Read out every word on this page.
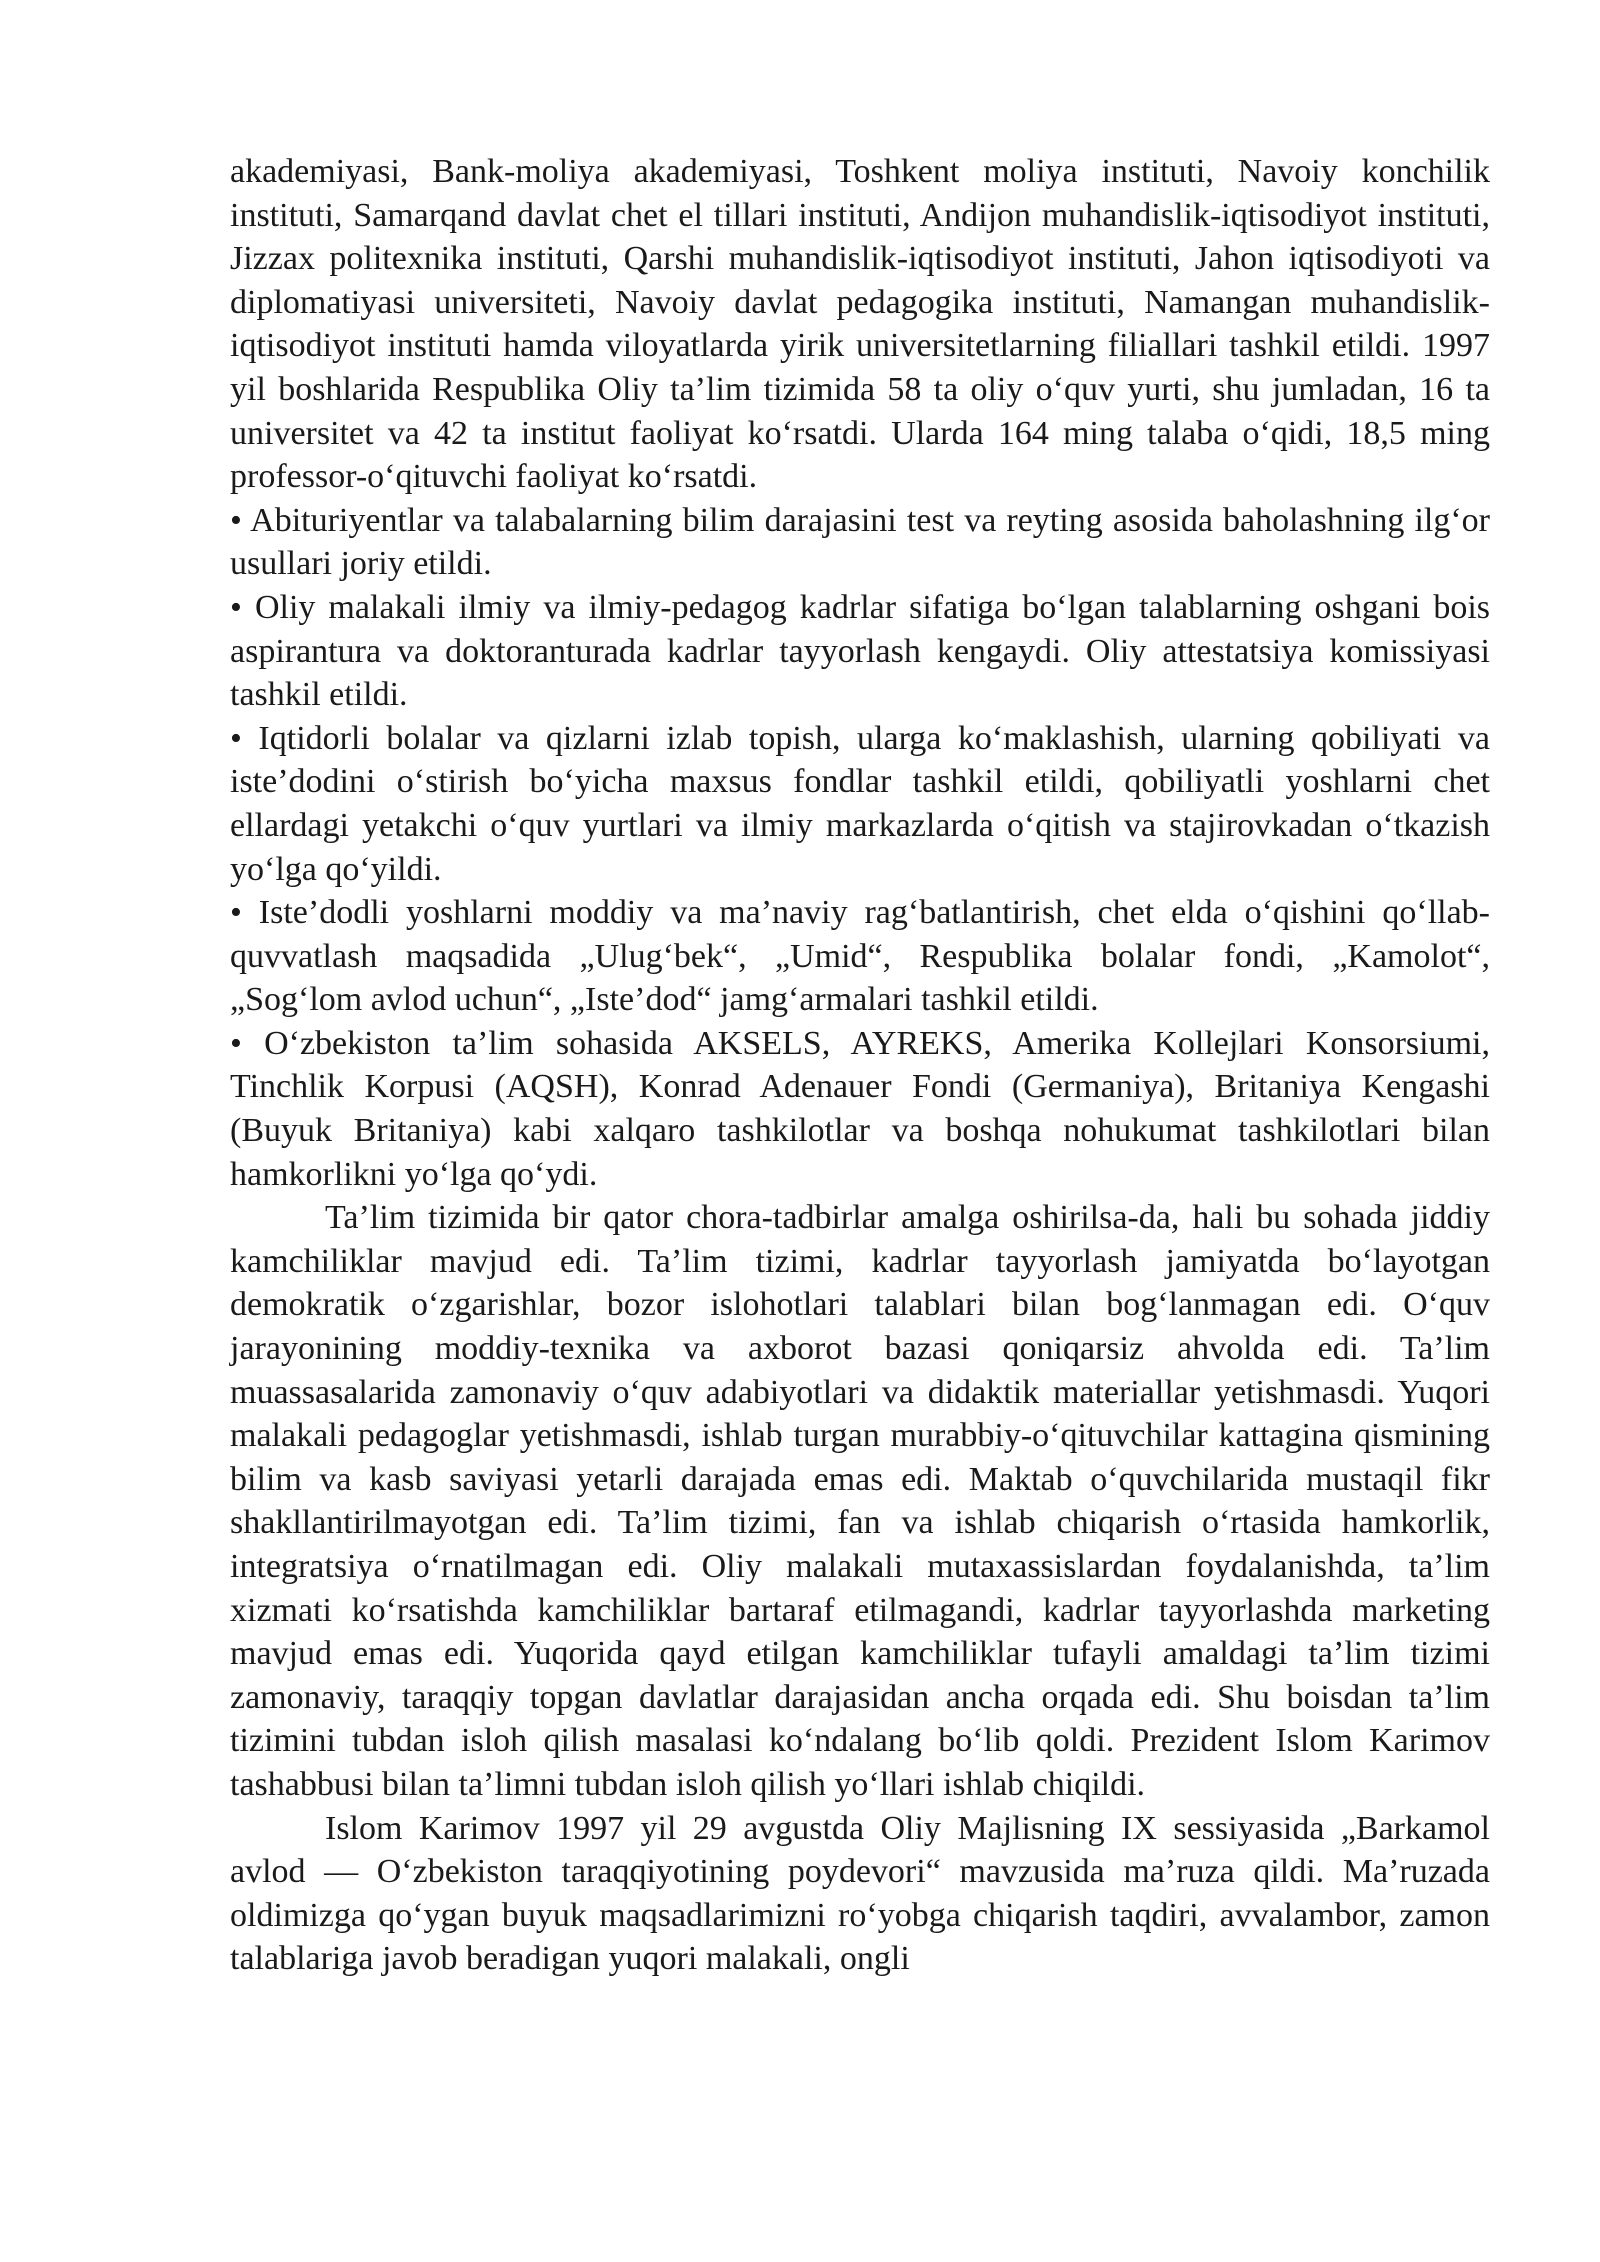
akademiyasi, Bank-moliya akademiyasi, Toshkent moliya instituti, Navoiy konchilik instituti, Samarqand davlat chet el tillari instituti, Andijon muhandislik-iqtisodiyot instituti, Jizzax politexnika instituti, Qarshi muhandislik-iqtisodiyot instituti, Jahon iqtisodiyoti va diplomatiyasi universiteti, Navoiy davlat pedagogika instituti, Namangan muhandislik-iqtisodiyot instituti hamda viloyatlarda yirik universitetlarning filiallari tashkil etildi. 1997 yil boshlarida Respublika Oliy ta’lim tizimida 58 ta oliy o‘quv yurti, shu jumladan, 16 ta universitet va 42 ta institut faoliyat ko‘rsatdi. Ularda 164 ming talaba o‘qidi, 18,5 ming professor-o‘qituvchi faoliyat ko‘rsatdi.

• Abituriyentlar va talabalarning bilim darajasini test va reyting asosida baholashning ilg‘or usullari joriy etildi.

• Oliy malakali ilmiy va ilmiy-pedagog kadrlar sifatiga bo‘lgan talablarning oshgani bois aspirantura va doktoranturada kadrlar tayyorlash kengaydi. Oliy attestatsiya komissiyasi tashkil etildi.

• Iqtidorli bolalar va qizlarni izlab topish, ularga ko‘maklashish, ularning qobiliyati va iste’dodini o‘stirish bo‘yicha maxsus fondlar tashkil etildi, qobiliyatli yoshlarni chet ellardagi yetakchi o‘quv yurtlari va ilmiy markazlarda o‘qitish va stajirovkadan o‘tkazish yo‘lga qo‘yildi.

• Iste’dodli yoshlarni moddiy va ma’naviy rag‘batlantirish, chet elda o‘qishini qo‘llab-quvvatlash maqsadida „Ulug‘bek“, „Umid“, Respublika bolalar fondi, „Kamolot“, „Sog‘lom avlod uchun“, „Iste’dod“ jamg‘armalari tashkil etildi.

• O‘zbekiston ta’lim sohasida AKSELS, AYREKS, Amerika Kollejlari Konsorsiumi, Tinchlik Korpusi (AQSH), Konrad Adenauer Fondi (Germaniya), Britaniya Kengashi (Buyuk Britaniya) kabi xalqaro tashkilotlar va boshqa nohukumat tashkilotlari bilan hamkorlikni yo‘lga qo‘ydi.

Ta’lim tizimida bir qator chora-tadbirlar amalga oshirilsa-da, hali bu sohada jiddiy kamchiliklar mavjud edi. Ta’lim tizimi, kadrlar tayyorlash jamiyatda bo‘layotgan demokratik o‘zgarishlar, bozor islohotlari talablari bilan bog‘lanmagan edi. O‘quv jarayonining moddiy-texnika va axborot bazasi qoniqarsiz ahvolda edi. Ta’lim muassasalarida zamonaviy o‘quv adabiyotlari va didaktik materiallar yetishmasdi. Yuqori malakali pedagoglar yetishmasdi, ishlab turgan murabbiy-o‘qituvchilar kattagina qismining bilim va kasb saviyasi yetarli darajada emas edi. Maktab o‘quvchilarida mustaqil fikr shakllantirilmayotgan edi. Ta’lim tizimi, fan va ishlab chiqarish o‘rtasida hamkorlik, integratsiya o‘rnatilmagan edi. Oliy malakali mutaxassislardan foydalanishda, ta’lim xizmati ko‘rsatishda kamchiliklar bartaraf etilmagandi, kadrlar tayyorlashda marketing mavjud emas edi. Yuqorida qayd etilgan kamchiliklar tufayli amaldagi ta’lim tizimi zamonaviy, taraqqiy topgan davlatlar darajasidan ancha orqada edi. Shu boisdan ta’lim tizimini tubdan isloh qilish masalasi ko‘ndalang bo‘lib qoldi. Prezident Islom Karimov tashabbusi bilan ta’limni tubdan isloh qilish yo‘llari ishlab chiqildi.

Islom Karimov 1997 yil 29 avgustda Oliy Majlisning IX sessiyasida „Barkamol avlod — O‘zbekiston taraqqiyotining poydevori“ mavzusida ma’ruza qildi. Ma’ruzada oldimizga qo‘ygan buyuk maqsadlarimizni ro‘yobga chiqarish taqdiri, avvalambor, zamon talablariga javob beradigan yuqori malakali, ongli
